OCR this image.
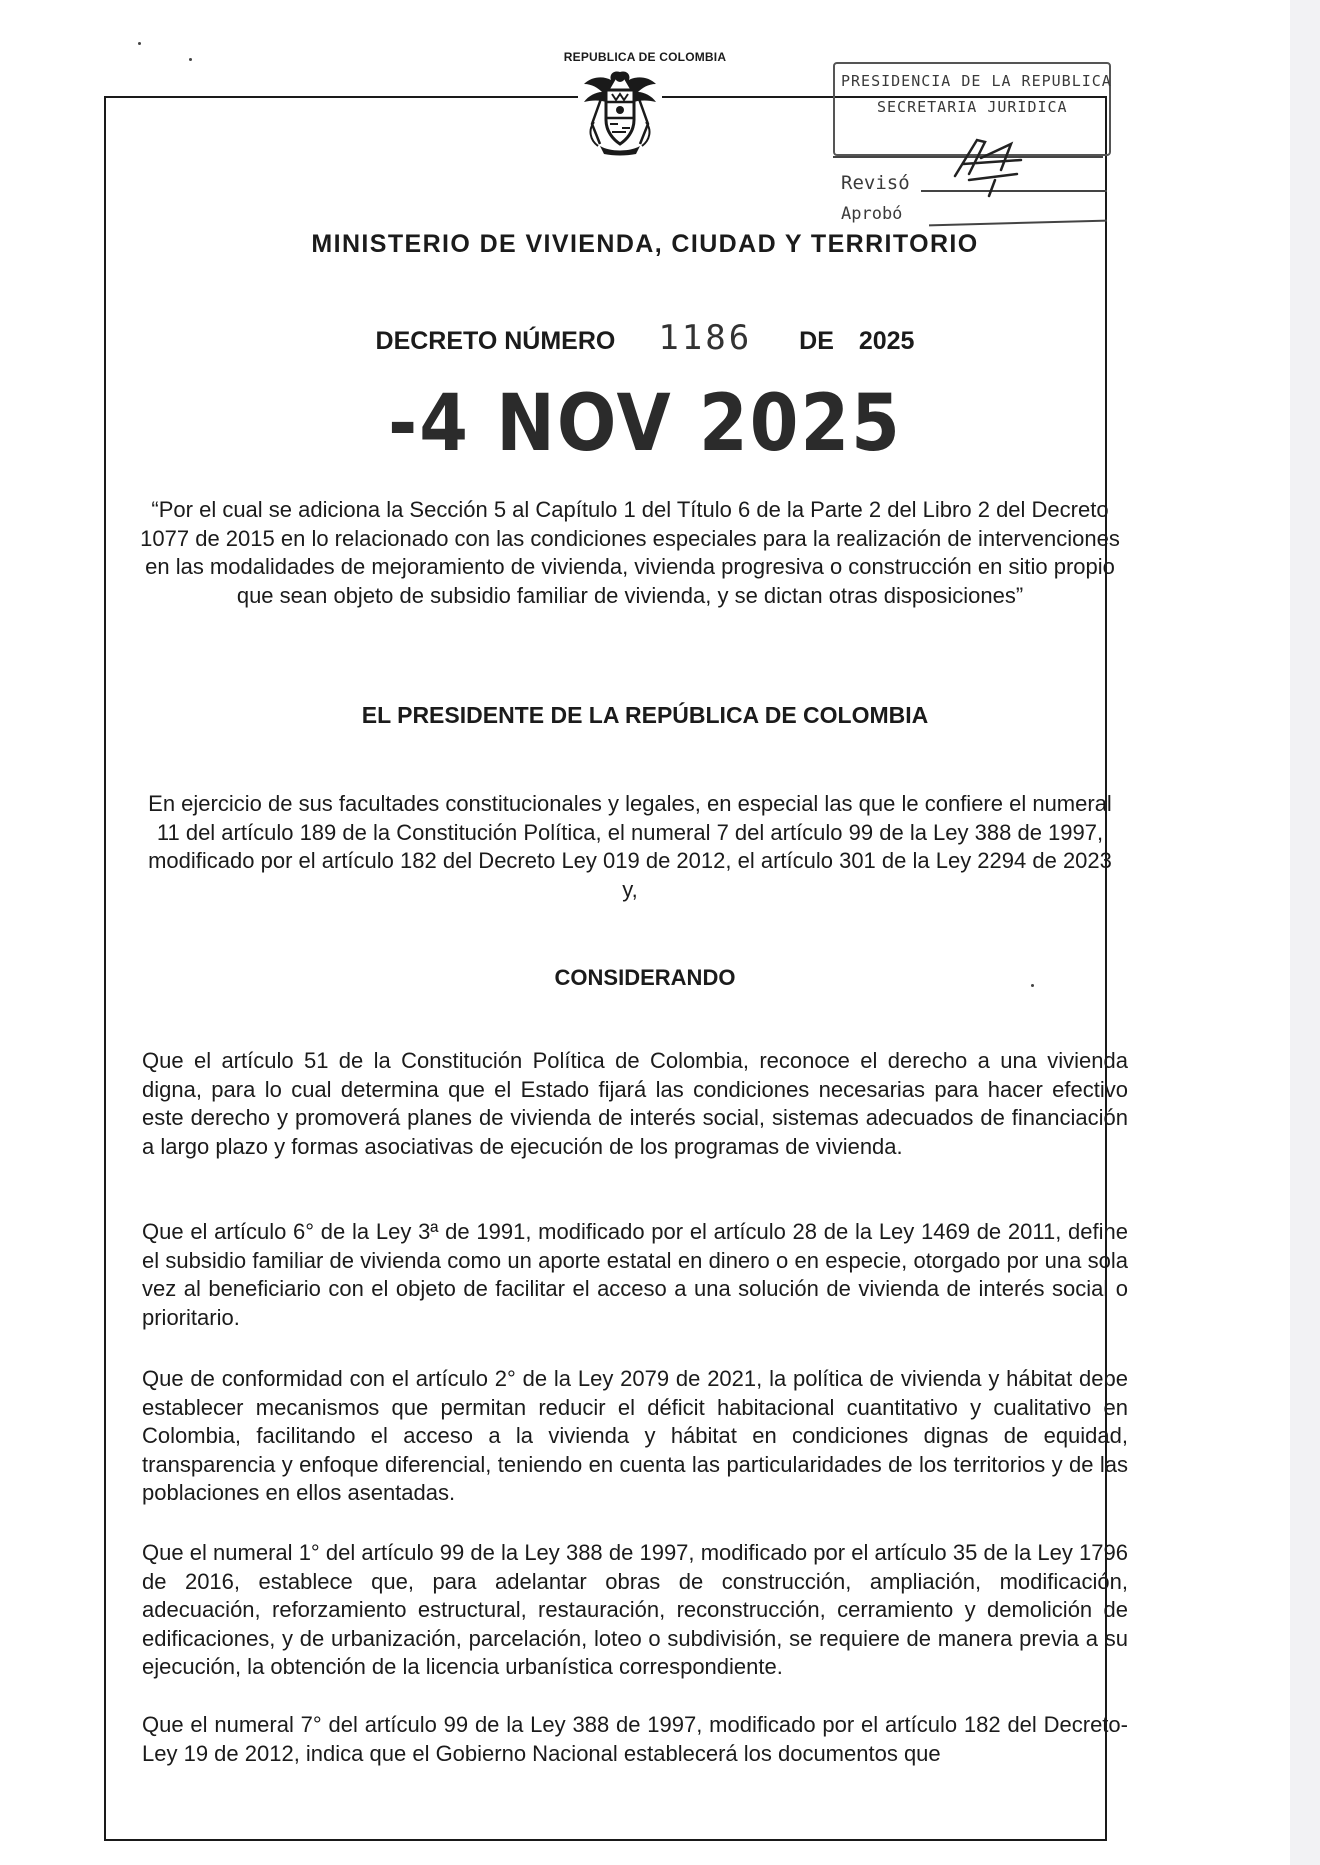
REPUBLICA DE COLOMBIA
PRESIDENCIA DE LA REPUBLICA
SECRETARIA JURIDICA
Revisó
Aprobó
MINISTERIO DE VIVIENDA, CIUDAD Y TERRITORIO
DECRETO NÚMERO 1186 DE 2025
-4 NOV 2025
“Por el cual se adiciona la Sección 5 al Capítulo 1 del Título 6 de la Parte 2 del Libro 2 del Decreto 1077 de 2015 en lo relacionado con las condiciones especiales para la realización de intervenciones en las modalidades de mejoramiento de vivienda, vivienda progresiva o construcción en sitio propio que sean objeto de subsidio familiar de vivienda, y se dictan otras disposiciones”
EL PRESIDENTE DE LA REPÚBLICA DE COLOMBIA
En ejercicio de sus facultades constitucionales y legales, en especial las que le confiere el numeral 11 del artículo 189 de la Constitución Política, el numeral 7 del artículo 99 de la Ley 388 de 1997, modificado por el artículo 182 del Decreto Ley 019 de 2012, el artículo 301 de la Ley 2294 de 2023 y,
CONSIDERANDO
Que el artículo 51 de la Constitución Política de Colombia, reconoce el derecho a una vivienda digna, para lo cual determina que el Estado fijará las condiciones necesarias para hacer efectivo este derecho y promoverá planes de vivienda de interés social, sistemas adecuados de financiación a largo plazo y formas asociativas de ejecución de los programas de vivienda.
Que el artículo 6° de la Ley 3ª de 1991, modificado por el artículo 28 de la Ley 1469 de 2011, define el subsidio familiar de vivienda como un aporte estatal en dinero o en especie, otorgado por una sola vez al beneficiario con el objeto de facilitar el acceso a una solución de vivienda de interés social o prioritario.
Que de conformidad con el artículo 2° de la Ley 2079 de 2021, la política de vivienda y hábitat debe establecer mecanismos que permitan reducir el déficit habitacional cuantitativo y cualitativo en Colombia, facilitando el acceso a la vivienda y hábitat en condiciones dignas de equidad, transparencia y enfoque diferencial, teniendo en cuenta las particularidades de los territorios y de las poblaciones en ellos asentadas.
Que el numeral 1° del artículo 99 de la Ley 388 de 1997, modificado por el artículo 35 de la Ley 1796 de 2016, establece que, para adelantar obras de construcción, ampliación, modificación, adecuación, reforzamiento estructural, restauración, reconstrucción, cerramiento y demolición de edificaciones, y de urbanización, parcelación, loteo o subdivisión, se requiere de manera previa a su ejecución, la obtención de la licencia urbanística correspondiente.
Que el numeral 7° del artículo 99 de la Ley 388 de 1997, modificado por el artículo 182 del Decreto-Ley 19 de 2012, indica que el Gobierno Nacional establecerá los documentos que
